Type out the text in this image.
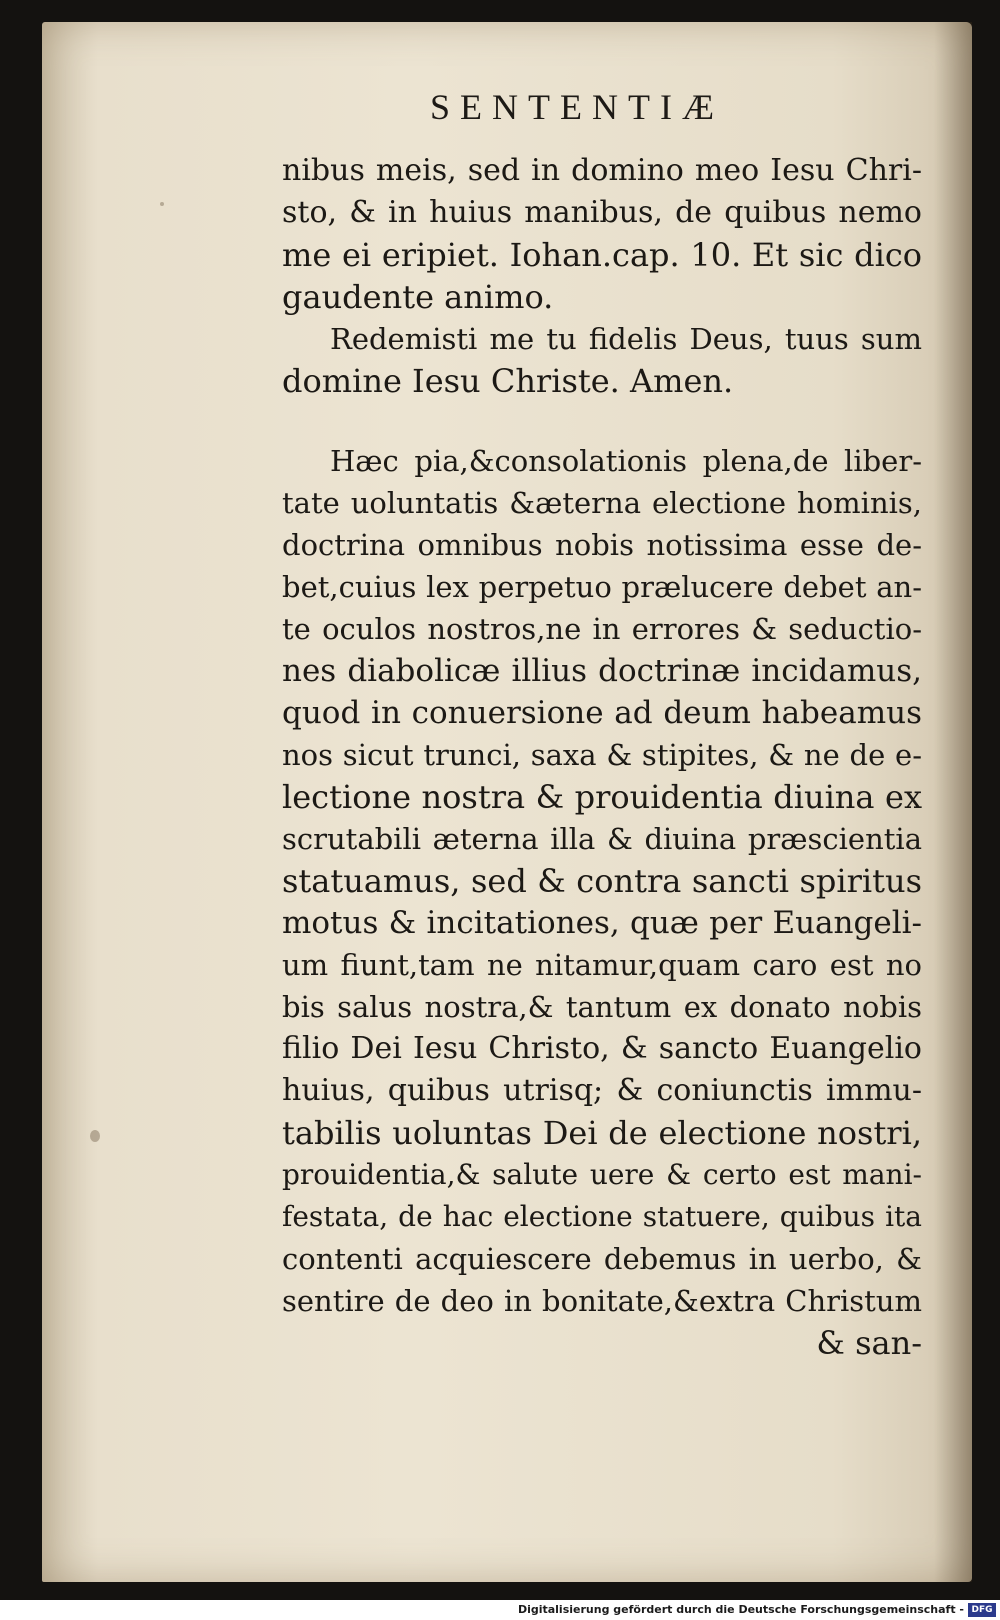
SENTENTIÆ
nibus meis, sed in domino meo Iesu Chri-
sto, & in huius manibus, de quibus nemo
me ei eripiet. Iohan.cap. 10. Et sic dico
gaudente animo.
Redemisti me tu fidelis Deus, tuus sum
domine Iesu Christe. Amen.
Hæc pia,&consolationis plena,de liber-
tate uoluntatis &æterna electione hominis,
doctrina omnibus nobis notissima esse de-
bet,cuius lex perpetuo prælucere debet an-
te oculos nostros,ne in errores & seductio-
nes diabolicæ illius doctrinæ incidamus,
quod in conuersione ad deum habeamus
nos sicut trunci, saxa & stipites, & ne de e-
lectione nostra & prouidentia diuina ex
scrutabili æterna illa & diuina præscientia
statuamus, sed & contra sancti spiritus
motus & incitationes, quæ per Euangeli-
um fiunt,tam ne nitamur,quam caro est no
bis salus nostra,& tantum ex donato nobis
filio Dei Iesu Christo, & sancto Euangelio
huius, quibus utrisq; & coniunctis immu-
tabilis uoluntas Dei de electione nostri,
prouidentia,& salute uere & certo est mani-
festata, de hac electione statuere, quibus ita
contenti acquiescere debemus in uerbo, &
sentire de deo in bonitate,&extra Christum
& san-
Digitalisierung gefördert durch die Deutsche Forschungsgemeinschaft - DFG
